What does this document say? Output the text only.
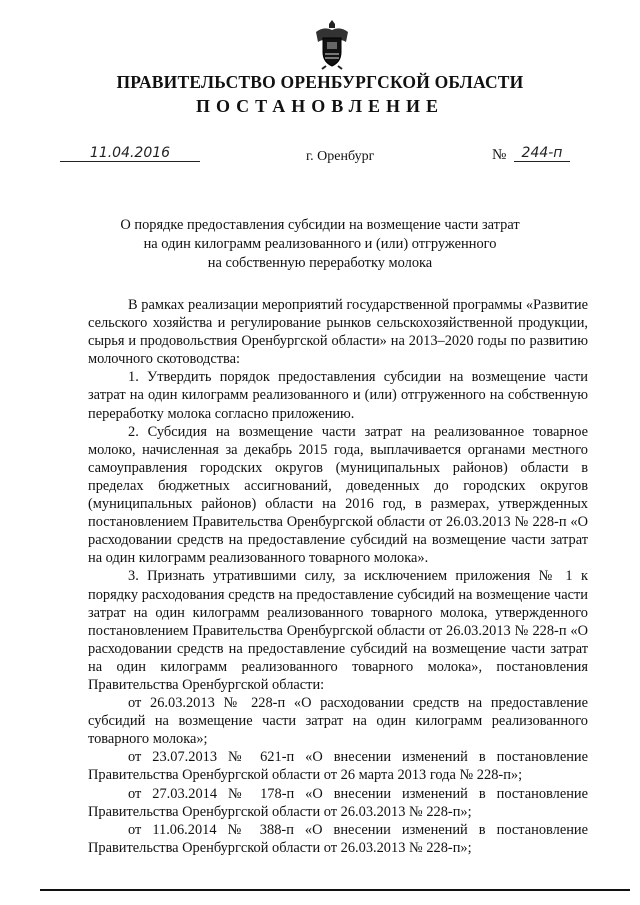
ПРАВИТЕЛЬСТВО ОРЕНБУРГСКОЙ ОБЛАСТИ
ПОСТАНОВЛЕНИЕ
11.04.2016	г. Оренбург	№	244-п
О порядке предоставления субсидии на возмещение части затрат
на один килограмм реализованного и (или) отгруженного
на собственную переработку молока

В рамках реализации мероприятий государственной программы «Развитие сельского хозяйства и регулирование рынков сельскохозяйственной продукции, сырья и продовольствия Оренбургской области» на 2013–2020 годы по развитию молочного скотоводства:

1. Утвердить порядок предоставления субсидии на возмещение части затрат на один килограмм реализованного и (или) отгруженного на собственную переработку молока согласно приложению.

2. Субсидия на возмещение части затрат на реализованное товарное молоко, начисленная за декабрь 2015 года, выплачивается органами местного самоуправления городских округов (муниципальных районов) области в пределах бюджетных ассигнований, доведенных до городских округов (муниципальных районов) области на 2016 год, в размерах, утвержденных постановлением Правительства Оренбургской области от 26.03.2013 № 228-п «О расходовании средств на предоставление субсидий на возмещение части затрат на один килограмм реализованного товарного молока».

3. Признать утратившими силу, за исключением приложения № 1 к порядку расходования средств на предоставление субсидий на возмещение части затрат на один килограмм реализованного товарного молока, утвержденного постановлением Правительства Оренбургской области от 26.03.2013 № 228-п «О расходовании средств на предоставление субсидий на возмещение части затрат на один килограмм реализованного товарного молока», постановления Правительства Оренбургской области:

от 26.03.2013 № 228-п «О расходовании средств на предоставление субсидий на возмещение части затрат на один килограмм реализованного товарного молока»;

от 23.07.2013 № 621-п «О внесении изменений в постановление Правительства Оренбургской области от 26 марта 2013 года № 228-п»;

от 27.03.2014 № 178-п «О внесении изменений в постановление Правительства Оренбургской области от 26.03.2013 № 228-п»;

от 11.06.2014 № 388-п «О внесении изменений в постановление Правительства Оренбургской области от 26.03.2013 № 228-п»;
